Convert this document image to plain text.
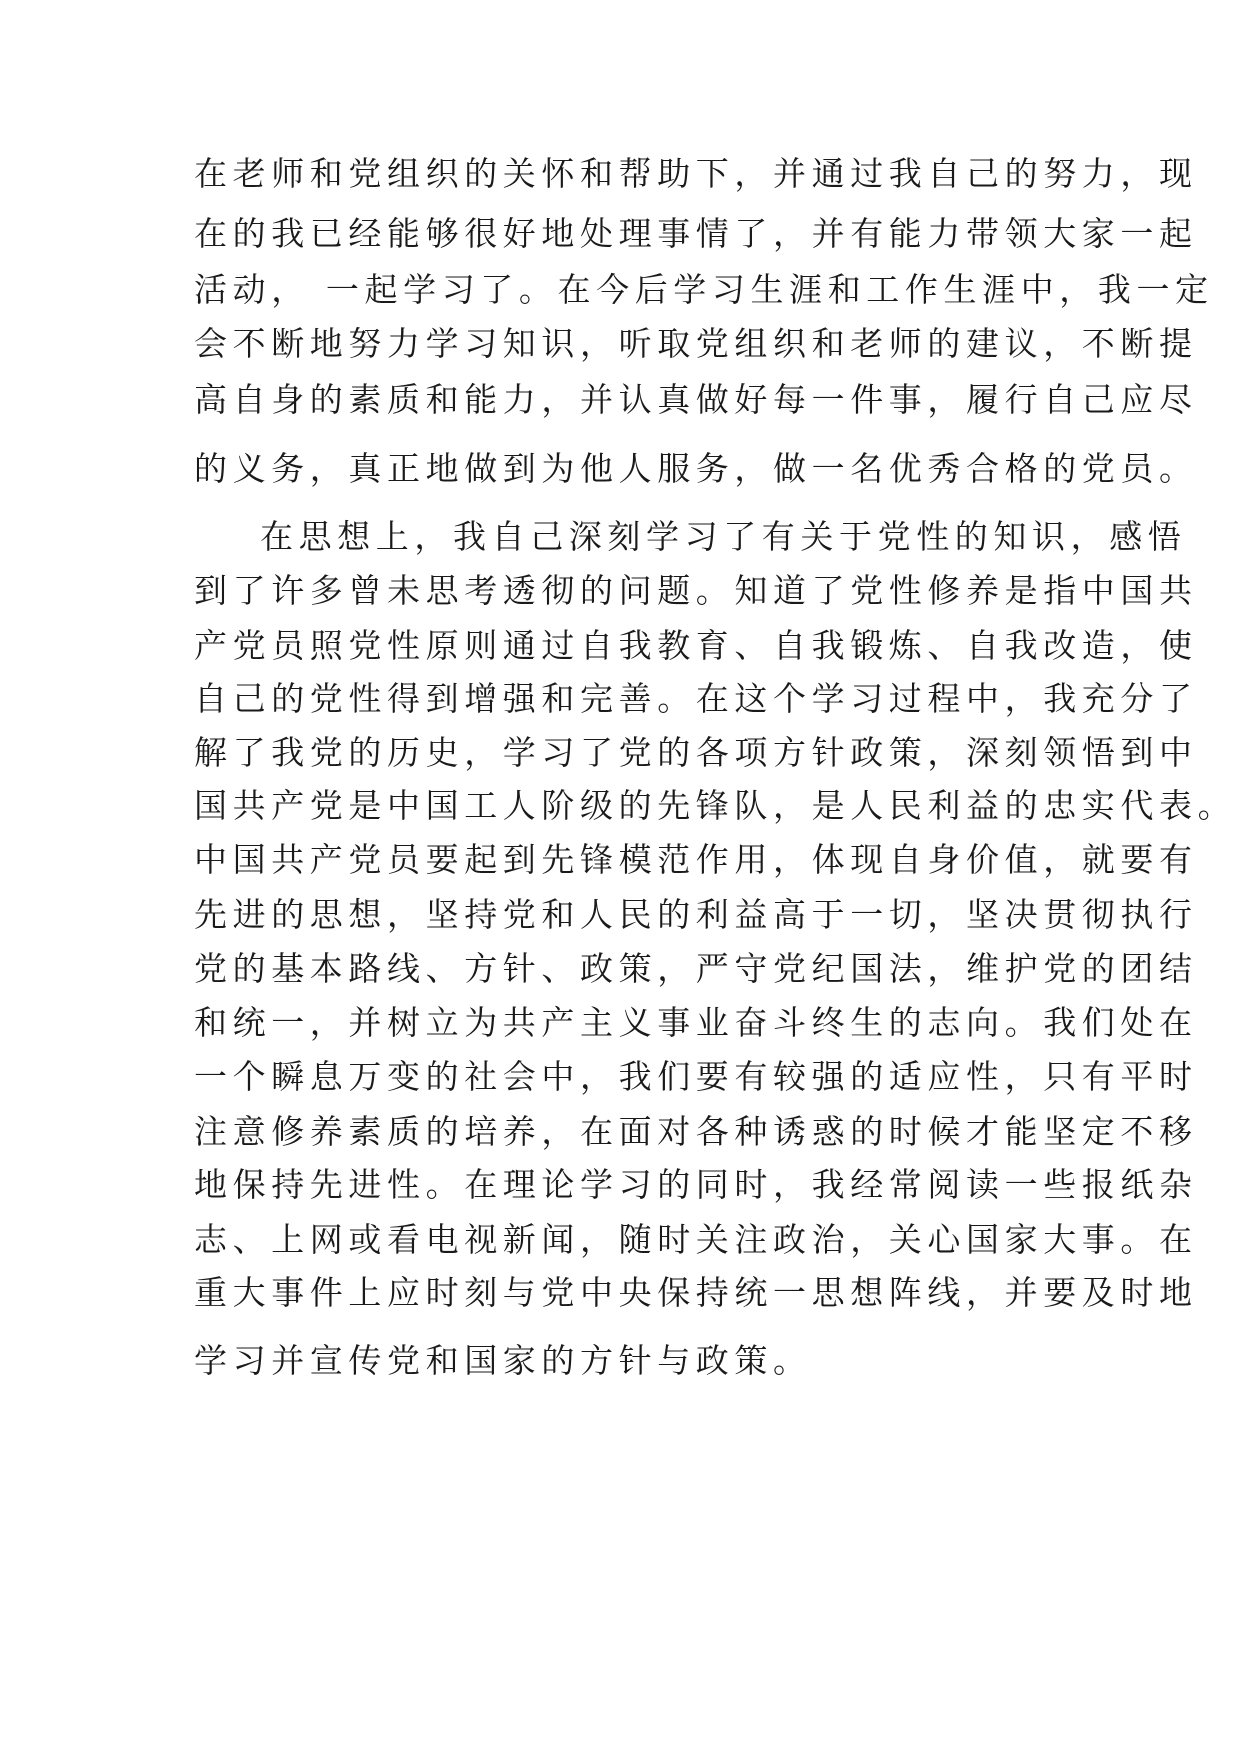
在老师和党组织的关怀和帮助下，并通过我自己的努力，现
在的我已经能够很好地处理事情了，并有能力带领大家一起
活动， 一起学习了。在今后学习生涯和工作生涯中，我一定
会不断地努力学习知识，听取党组织和老师的建议，不断提
高自身的素质和能力，并认真做好每一件事，履行自己应尽
的义务，真正地做到为他人服务，做一名优秀合格的党员。
在思想上，我自己深刻学习了有关于党性的知识，感悟
到了许多曾未思考透彻的问题。知道了党性修养是指中国共
产党员照党性原则通过自我教育、自我锻炼、自我改造，使
自己的党性得到增强和完善。在这个学习过程中，我充分了
解了我党的历史，学习了党的各项方针政策，深刻领悟到中
国共产党是中国工人阶级的先锋队，是人民利益的忠实代表。
中国共产党员要起到先锋模范作用，体现自身价值，就要有
先进的思想，坚持党和人民的利益高于一切，坚决贯彻执行
党的基本路线、方针、政策，严守党纪国法，维护党的团结
和统一，并树立为共产主义事业奋斗终生的志向。我们处在
一个瞬息万变的社会中，我们要有较强的适应性，只有平时
注意修养素质的培养，在面对各种诱惑的时候才能坚定不移
地保持先进性。在理论学习的同时，我经常阅读一些报纸杂
志、上网或看电视新闻，随时关注政治，关心国家大事。在
重大事件上应时刻与党中央保持统一思想阵线，并要及时地
学习并宣传党和国家的方针与政策。
